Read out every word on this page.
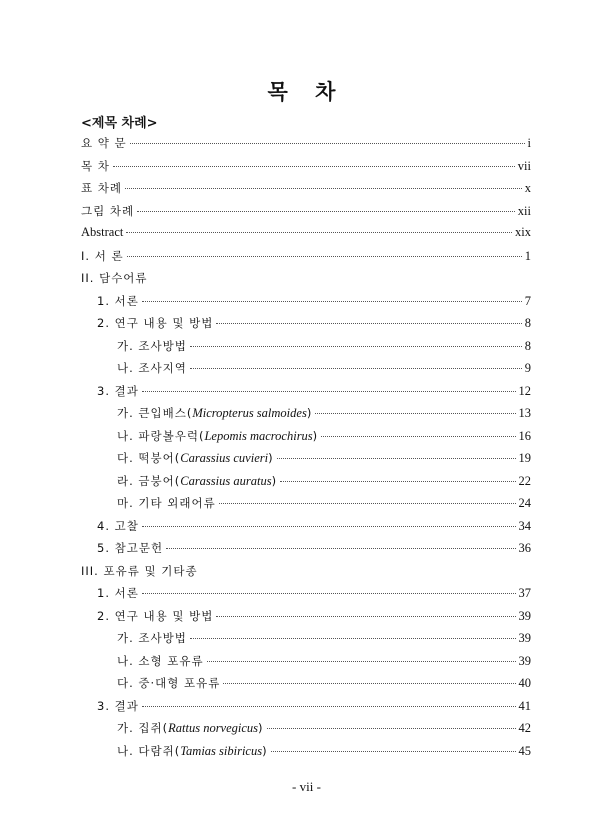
목 차
<제목 차례>
요 약 문	i
목 차	vii
표 차례	x
그림 차례	xii
Abstract	xix
Ⅰ. 서 론	1
II. 담수어류
1. 서론	7
2. 연구 내용 및 방법	8
가. 조사방법	8
나. 조사지역	9
3. 결과	12
가. 큰입배스(Micropterus salmoides)	13
나. 파랑볼우럭(Lepomis macrochirus)	16
다. 떡붕어(Carassius cuvieri)	19
라. 금붕어(Carassius auratus)	22
마. 기타 외래어류	24
4. 고찰	34
5. 참고문헌	36
III. 포유류 및 기타종
1. 서론	37
2. 연구 내용 및 방법	39
가. 조사방법	39
나. 소형 포유류	39
다. 중·대형 포유류	40
3. 결과	41
가. 집쥐(Rattus norvegicus)	42
나. 다람쥐(Tamias sibiricus)	45
- vii -
